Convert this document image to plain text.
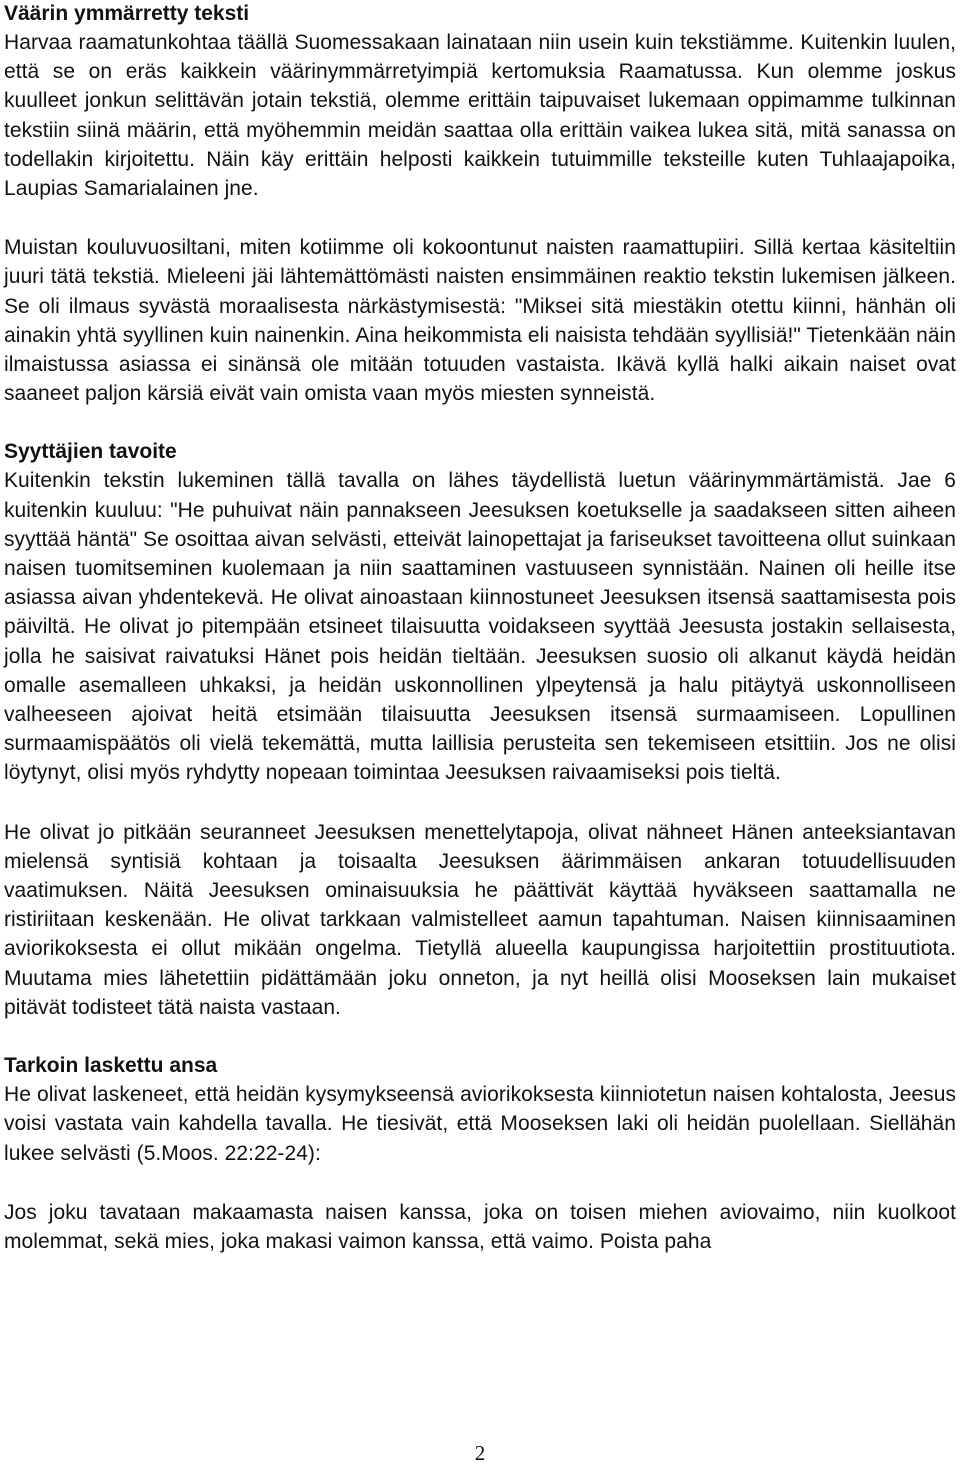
Väärin ymmärretty teksti

Harvaa raamatunkohtaa täällä Suomessakaan lainataan niin usein kuin tekstiämme. Kuitenkin luulen, että se on eräs kaikkein väärinymmärretyimpiä kertomuksia Raamatussa. Kun olemme joskus kuulleet jonkun selittävän jotain tekstiä, olemme erittäin taipuvaiset lukemaan oppimamme tulkinnan tekstiin siinä määrin, että myöhemmin meidän saattaa olla erittäin vaikea lukea sitä, mitä sanassa on todellakin kirjoitettu. Näin käy erittäin helposti kaikkein tutuimmille teksteille kuten Tuhlaajapoika, Laupias Samarialainen jne.

Muistan kouluvuosiltani, miten kotiimme oli kokoontunut naisten raamattupiiri. Sillä kertaa käsiteltiin juuri tätä tekstiä. Mieleeni jäi lähtemättömästi naisten ensimmäinen reaktio tekstin lukemisen jälkeen. Se oli ilmaus syvästä moraalisesta närkästymisestä: "Miksei sitä miestäkin otettu kiinni, hänhän oli ainakin yhtä syyllinen kuin nainenkin. Aina heikommista eli naisista tehdään syyllisiä!" Tietenkään näin ilmaistussa asiassa ei sinänsä ole mitään totuuden vastaista. Ikävä kyllä halki aikain naiset ovat saaneet paljon kärsiä eivät vain omista vaan myös miesten synneistä.

Syyttäjien tavoite

Kuitenkin tekstin lukeminen tällä tavalla on lähes täydellistä luetun väärinymmärtämistä. Jae 6 kuitenkin kuuluu: "He puhuivat näin pannakseen Jeesuksen koetukselle ja saadakseen sitten aiheen syyttää häntä" Se osoittaa aivan selvästi, etteivät lainopettajat ja fariseukset tavoitteena ollut suinkaan naisen tuomitseminen kuolemaan ja niin saattaminen vastuuseen synnistään. Nainen oli heille itse asiassa aivan yhdentekevä. He olivat ainoastaan kiinnostuneet Jeesuksen itsensä saattamisesta pois päiviltä. He olivat jo pitempään etsineet tilaisuutta voidakseen syyttää Jeesusta jostakin sellaisesta, jolla he saisivat raivatuksi Hänet pois heidän tieltään. Jeesuksen suosio oli alkanut käydä heidän omalle asemalleen uhkaksi, ja heidän uskonnollinen ylpeytensä ja halu pitäytyä uskonnolliseen valheeseen ajoivat heitä etsimään tilaisuutta Jeesuksen itsensä surmaamiseen. Lopullinen surmaamispäätös oli vielä tekemättä, mutta laillisia perusteita sen tekemiseen etsittiin. Jos ne olisi löytynyt, olisi myös ryhdytty nopeaan toimintaa Jeesuksen raivaamiseksi pois tieltä.

He olivat jo pitkään seuranneet Jeesuksen menettelytapoja, olivat nähneet Hänen anteeksiantavan mielensä syntisiä kohtaan ja toisaalta Jeesuksen äärimmäisen ankaran totuudellisuuden vaatimuksen. Näitä Jeesuksen ominaisuuksia he päättivät käyttää hyväkseen saattamalla ne ristiriitaan keskenään. He olivat tarkkaan valmistelleet aamun tapahtuman. Naisen kiinnisaaminen aviorikoksesta ei ollut mikään ongelma. Tietyllä alueella kaupungissa harjoitettiin prostituutiota. Muutama mies lähetettiin pidättämään joku onneton, ja nyt heillä olisi Mooseksen lain mukaiset pitävät todisteet tätä naista vastaan.

Tarkoin laskettu ansa

He olivat laskeneet, että heidän kysymykseensä aviorikoksesta kiinniotetun naisen kohtalosta, Jeesus voisi vastata vain kahdella tavalla. He tiesivät, että Mooseksen laki oli heidän puolellaan. Siellähän lukee selvästi (5.Moos. 22:22-24):

Jos joku tavataan makaamasta naisen kanssa, joka on toisen miehen aviovaimo, niin kuolkoot molemmat, sekä mies, joka makasi vaimon kanssa, että vaimo. Poista paha

2
